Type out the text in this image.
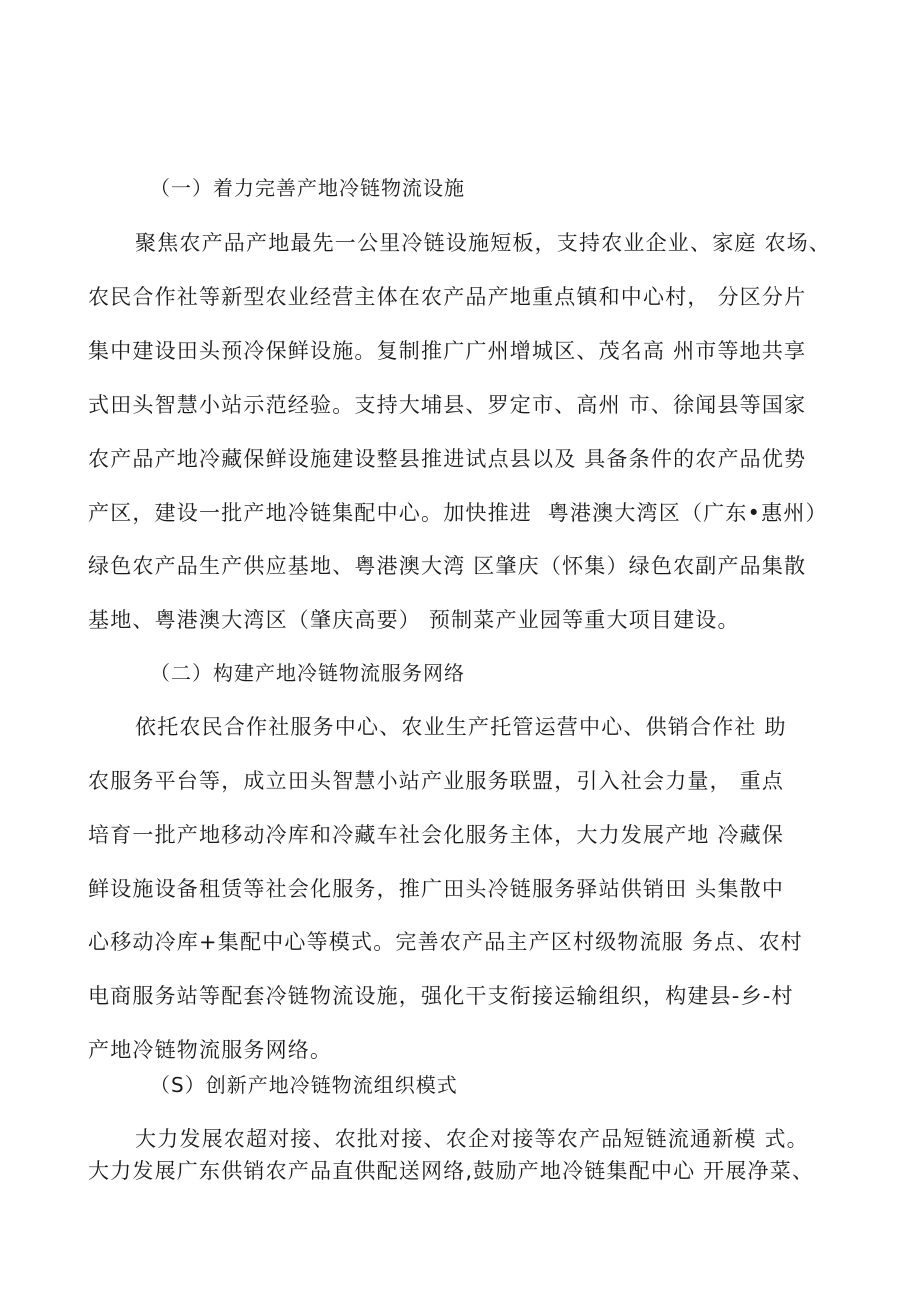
（一）着力完善产地冷链物流设施
聚焦农产品产地最先一公里冷链设施短板，支持农业企业、家庭 农场、
农民合作社等新型农业经营主体在农产品产地重点镇和中心村， 分区分片
集中建设田头预冷保鲜设施。复制推广广州增城区、茂名高 州市等地共享
式田头智慧小站示范经验。支持大埔县、罗定市、高州 市、徐闻县等国家
农产品产地冷藏保鲜设施建设整县推进试点县以及 具备条件的农产品优势
产区，建设一批产地冷链集配中心。加快推进  粤港澳大湾区（广东•惠州）
绿色农产品生产供应基地、粤港澳大湾 区肇庆（怀集）绿色农副产品集散
基地、粤港澳大湾区（肇庆高要） 预制菜产业园等重大项目建设。
（二）构建产地冷链物流服务网络
依托农民合作社服务中心、农业生产托管运营中心、供销合作社 助
农服务平台等，成立田头智慧小站产业服务联盟，引入社会力量， 重点
培育一批产地移动冷库和冷藏车社会化服务主体，大力发展产地 冷藏保
鲜设施设备租赁等社会化服务，推广田头冷链服务驿站供销田 头集散中
心移动冷库+集配中心等模式。完善农产品主产区村级物流服 务点、农村
电商服务站等配套冷链物流设施，强化干支衔接运输组织，构建县-乡-村
产地冷链物流服务网络。
（S）创新产地冷链物流组织模式
大力发展农超对接、农批对接、农企对接等农产品短链流通新模 式。
大力发展广东供销农产品直供配送网络,鼓励产地冷链集配中心 开展净菜、
